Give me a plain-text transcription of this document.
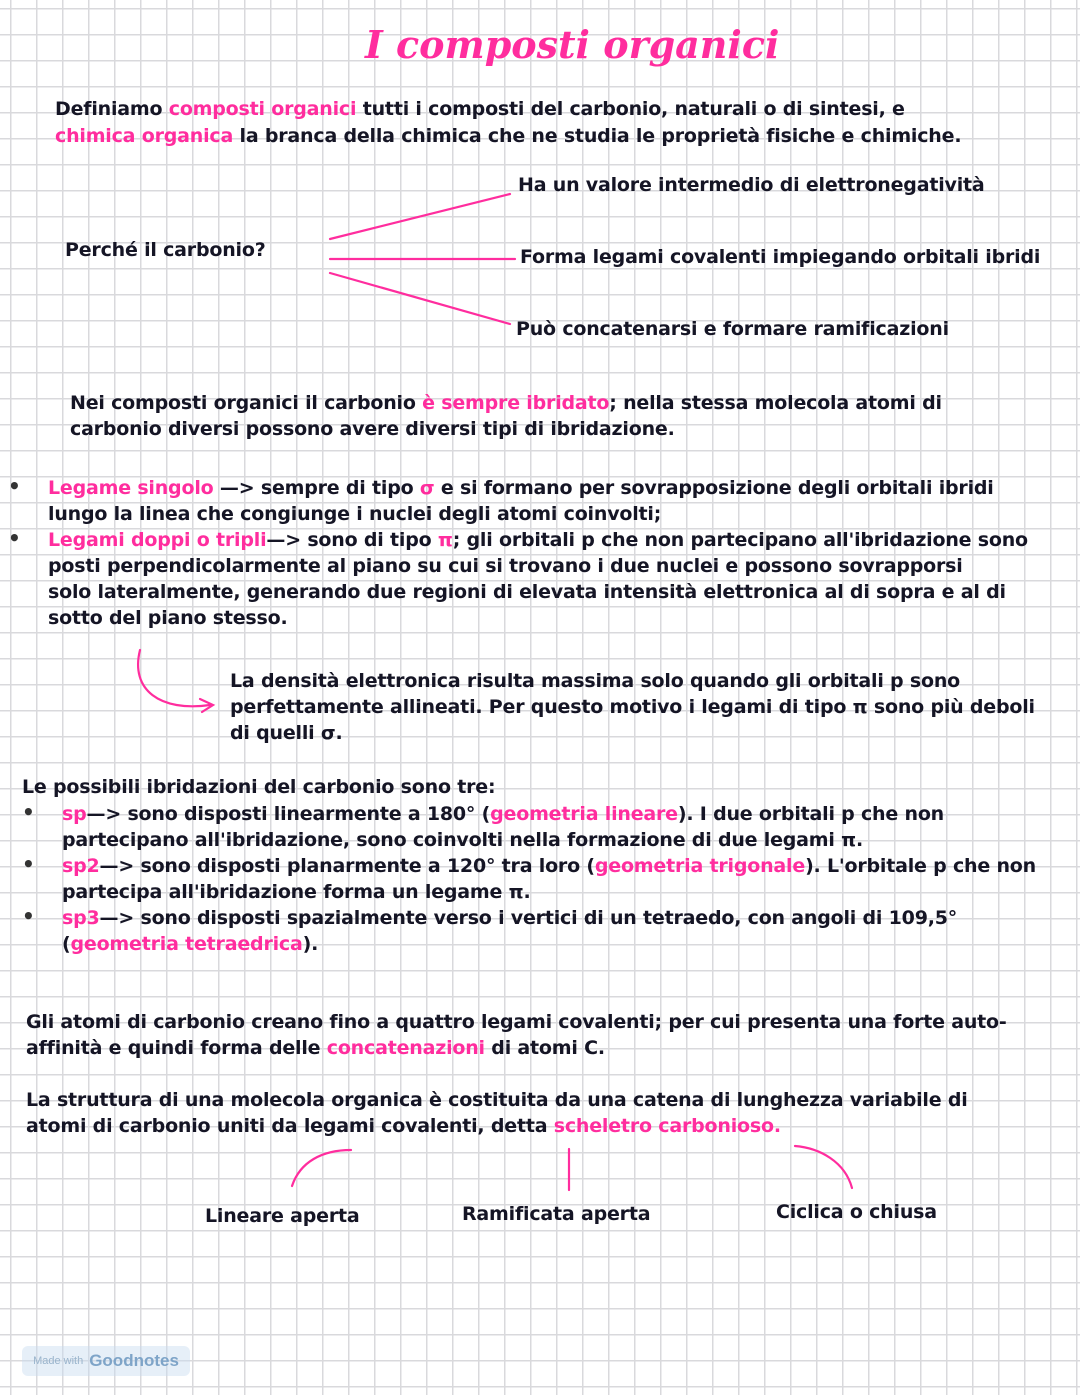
I composti organici
Definiamo composti organici tutti i composti del carbonio, naturali o di sintesi, e
chimica organica la branca della chimica che ne studia le proprietà fisiche e chimiche.
Perché il carbonio?
Ha un valore intermedio di elettronegatività
Forma legami covalenti impiegando orbitali ibridi
Può concatenarsi e formare ramificazioni
Nei composti organici il carbonio è sempre ibridato; nella stessa molecola atomi di
carbonio diversi possono avere diversi tipi di ibridazione.
• Legame singolo —> sempre di tipo σ e si formano per sovrapposizione degli orbitali ibridi
lungo la linea che congiunge i nuclei degli atomi coinvolti;
• Legami doppi o tripli—> sono di tipo π; gli orbitali p che non partecipano all'ibridazione sono
posti perpendicolarmente al piano su cui si trovano i due nuclei e possono sovrapporsi
solo lateralmente, generando due regioni di elevata intensità elettronica al di sopra e al di
sotto del piano stesso.
La densità elettronica risulta massima solo quando gli orbitali p sono
perfettamente allineati. Per questo motivo i legami di tipo π sono più deboli
di quelli σ.
Le possibili ibridazioni del carbonio sono tre:
• sp—> sono disposti linearmente a 180° (geometria lineare). I due orbitali p che non
partecipano all'ibridazione, sono coinvolti nella formazione di due legami π.
• sp2—> sono disposti planarmente a 120° tra loro (geometria trigonale). L'orbitale p che non
partecipa all'ibridazione forma un legame π.
• sp3—> sono disposti spazialmente verso i vertici di un tetraedo, con angoli di 109,5°
(geometria tetraedrica).
Gli atomi di carbonio creano fino a quattro legami covalenti; per cui presenta una forte auto-
affinità e quindi forma delle concatenazioni di atomi C.
La struttura di una molecola organica è costituita da una catena di lunghezza variabile di
atomi di carbonio uniti da legami covalenti, detta scheletro carbonioso.
Lineare aperta	Ramificata aperta	Ciclica o chiusa
Made with Goodnotes
